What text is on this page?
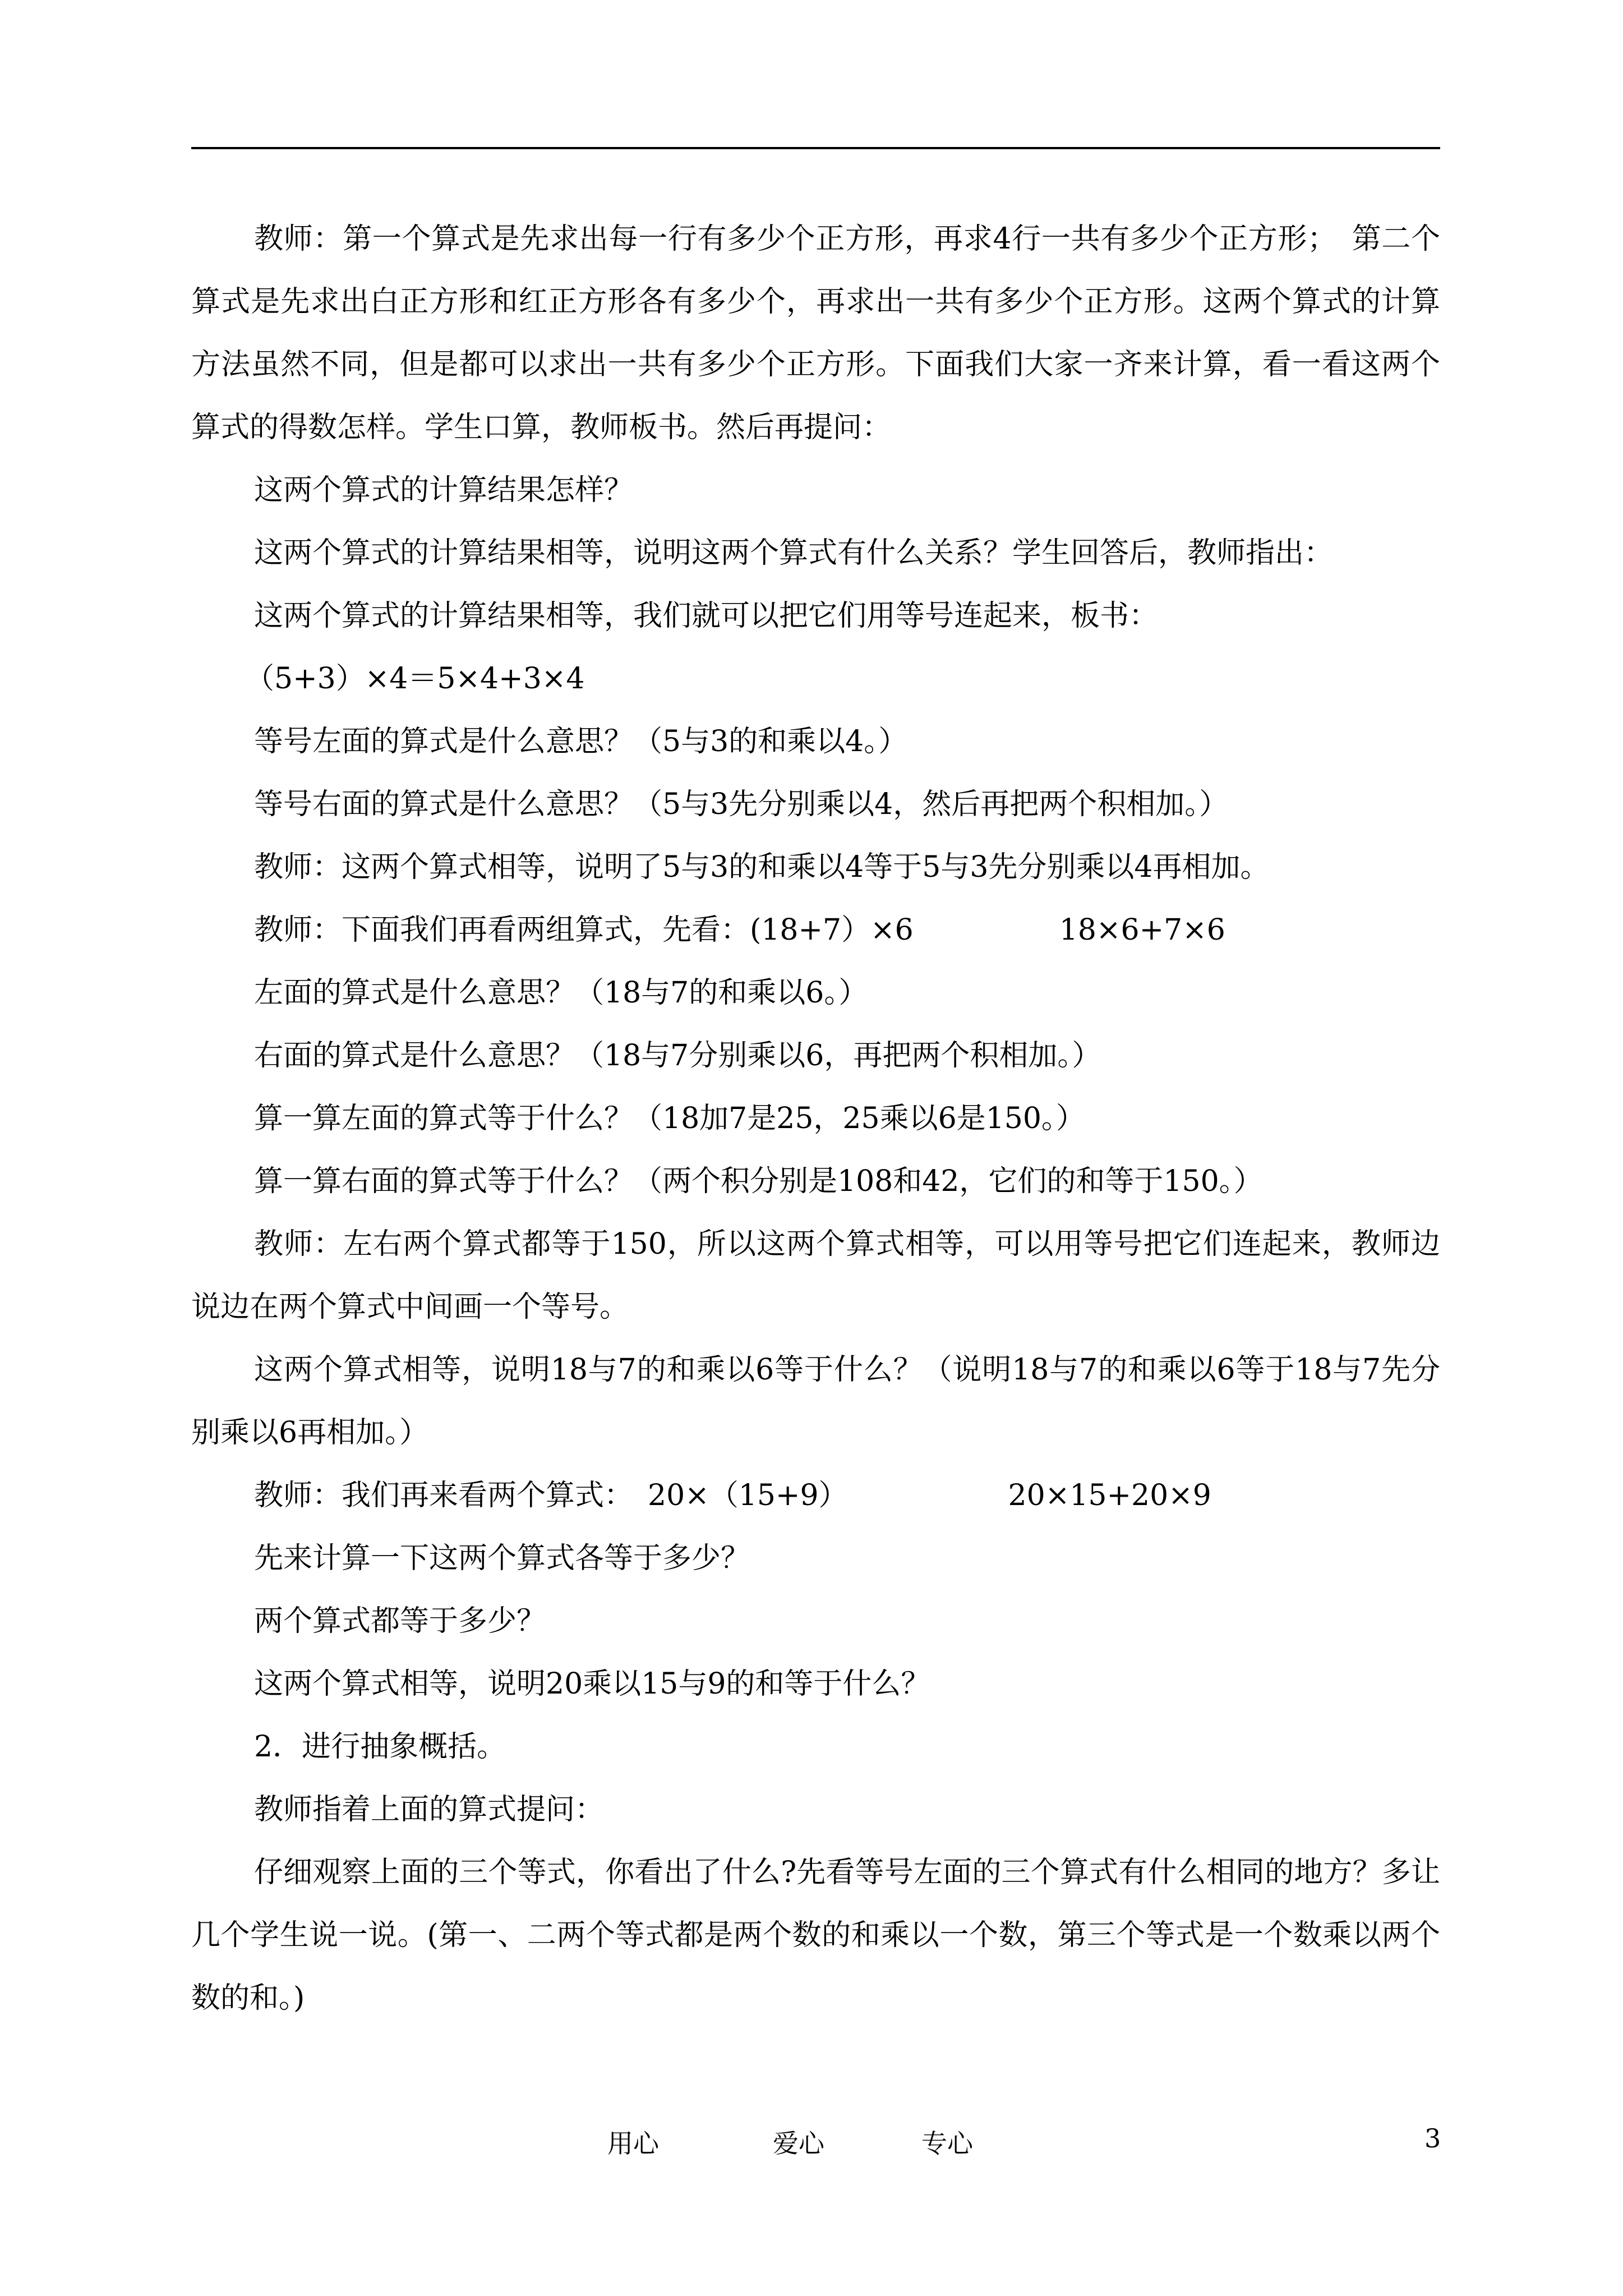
教师：第一个算式是先求出每一行有多少个正方形，再求4行一共有多少个正方形；　第二个算式是先求出白正方形和红正方形各有多少个，再求出一共有多少个正方形。这两个算式的计算方法虽然不同，但是都可以求出一共有多少个正方形。下面我们大家一齐来计算，看一看这两个算式的得数怎样。学生口算，教师板书。然后再提问：

这两个算式的计算结果怎样？

这两个算式的计算结果相等，说明这两个算式有什么关系？学生回答后，教师指出：

这两个算式的计算结果相等，我们就可以把它们用等号连起来，板书：

（5+3）×4＝5×4+3×4

等号左面的算式是什么意思？（5与3的和乘以4。）

等号右面的算式是什么意思？（5与3先分别乘以4，然后再把两个积相加。）

教师：这两个算式相等，说明了5与3的和乘以4等于5与3先分别乘以4再相加。

教师：下面我们再看两组算式，先看：(18+7）×6　　　　　18×6+7×6

左面的算式是什么意思？（18与7的和乘以6。）

右面的算式是什么意思？（18与7分别乘以6，再把两个积相加。）

算一算左面的算式等于什么？（18加7是25，25乘以6是150。）

算一算右面的算式等于什么？（两个积分别是108和42，它们的和等于150。）

教师：左右两个算式都等于150，所以这两个算式相等，可以用等号把它们连起来，教师边说边在两个算式中间画一个等号。

这两个算式相等，说明18与7的和乘以6等于什么？（说明18与7的和乘以6等于18与7先分别乘以6再相加。）

教师：我们再来看两个算式：　20×（15+9）　　　　　　20×15+20×9

先来计算一下这两个算式各等于多少？

两个算式都等于多少？

这两个算式相等，说明20乘以15与9的和等于什么？

2．进行抽象概括。

教师指着上面的算式提问：

仔细观察上面的三个等式，你看出了什么?先看等号左面的三个算式有什么相同的地方？多让几个学生说一说。(第一、二两个等式都是两个数的和乘以一个数，第三个等式是一个数乘以两个数的和。)

用心	爱心	专心	3
